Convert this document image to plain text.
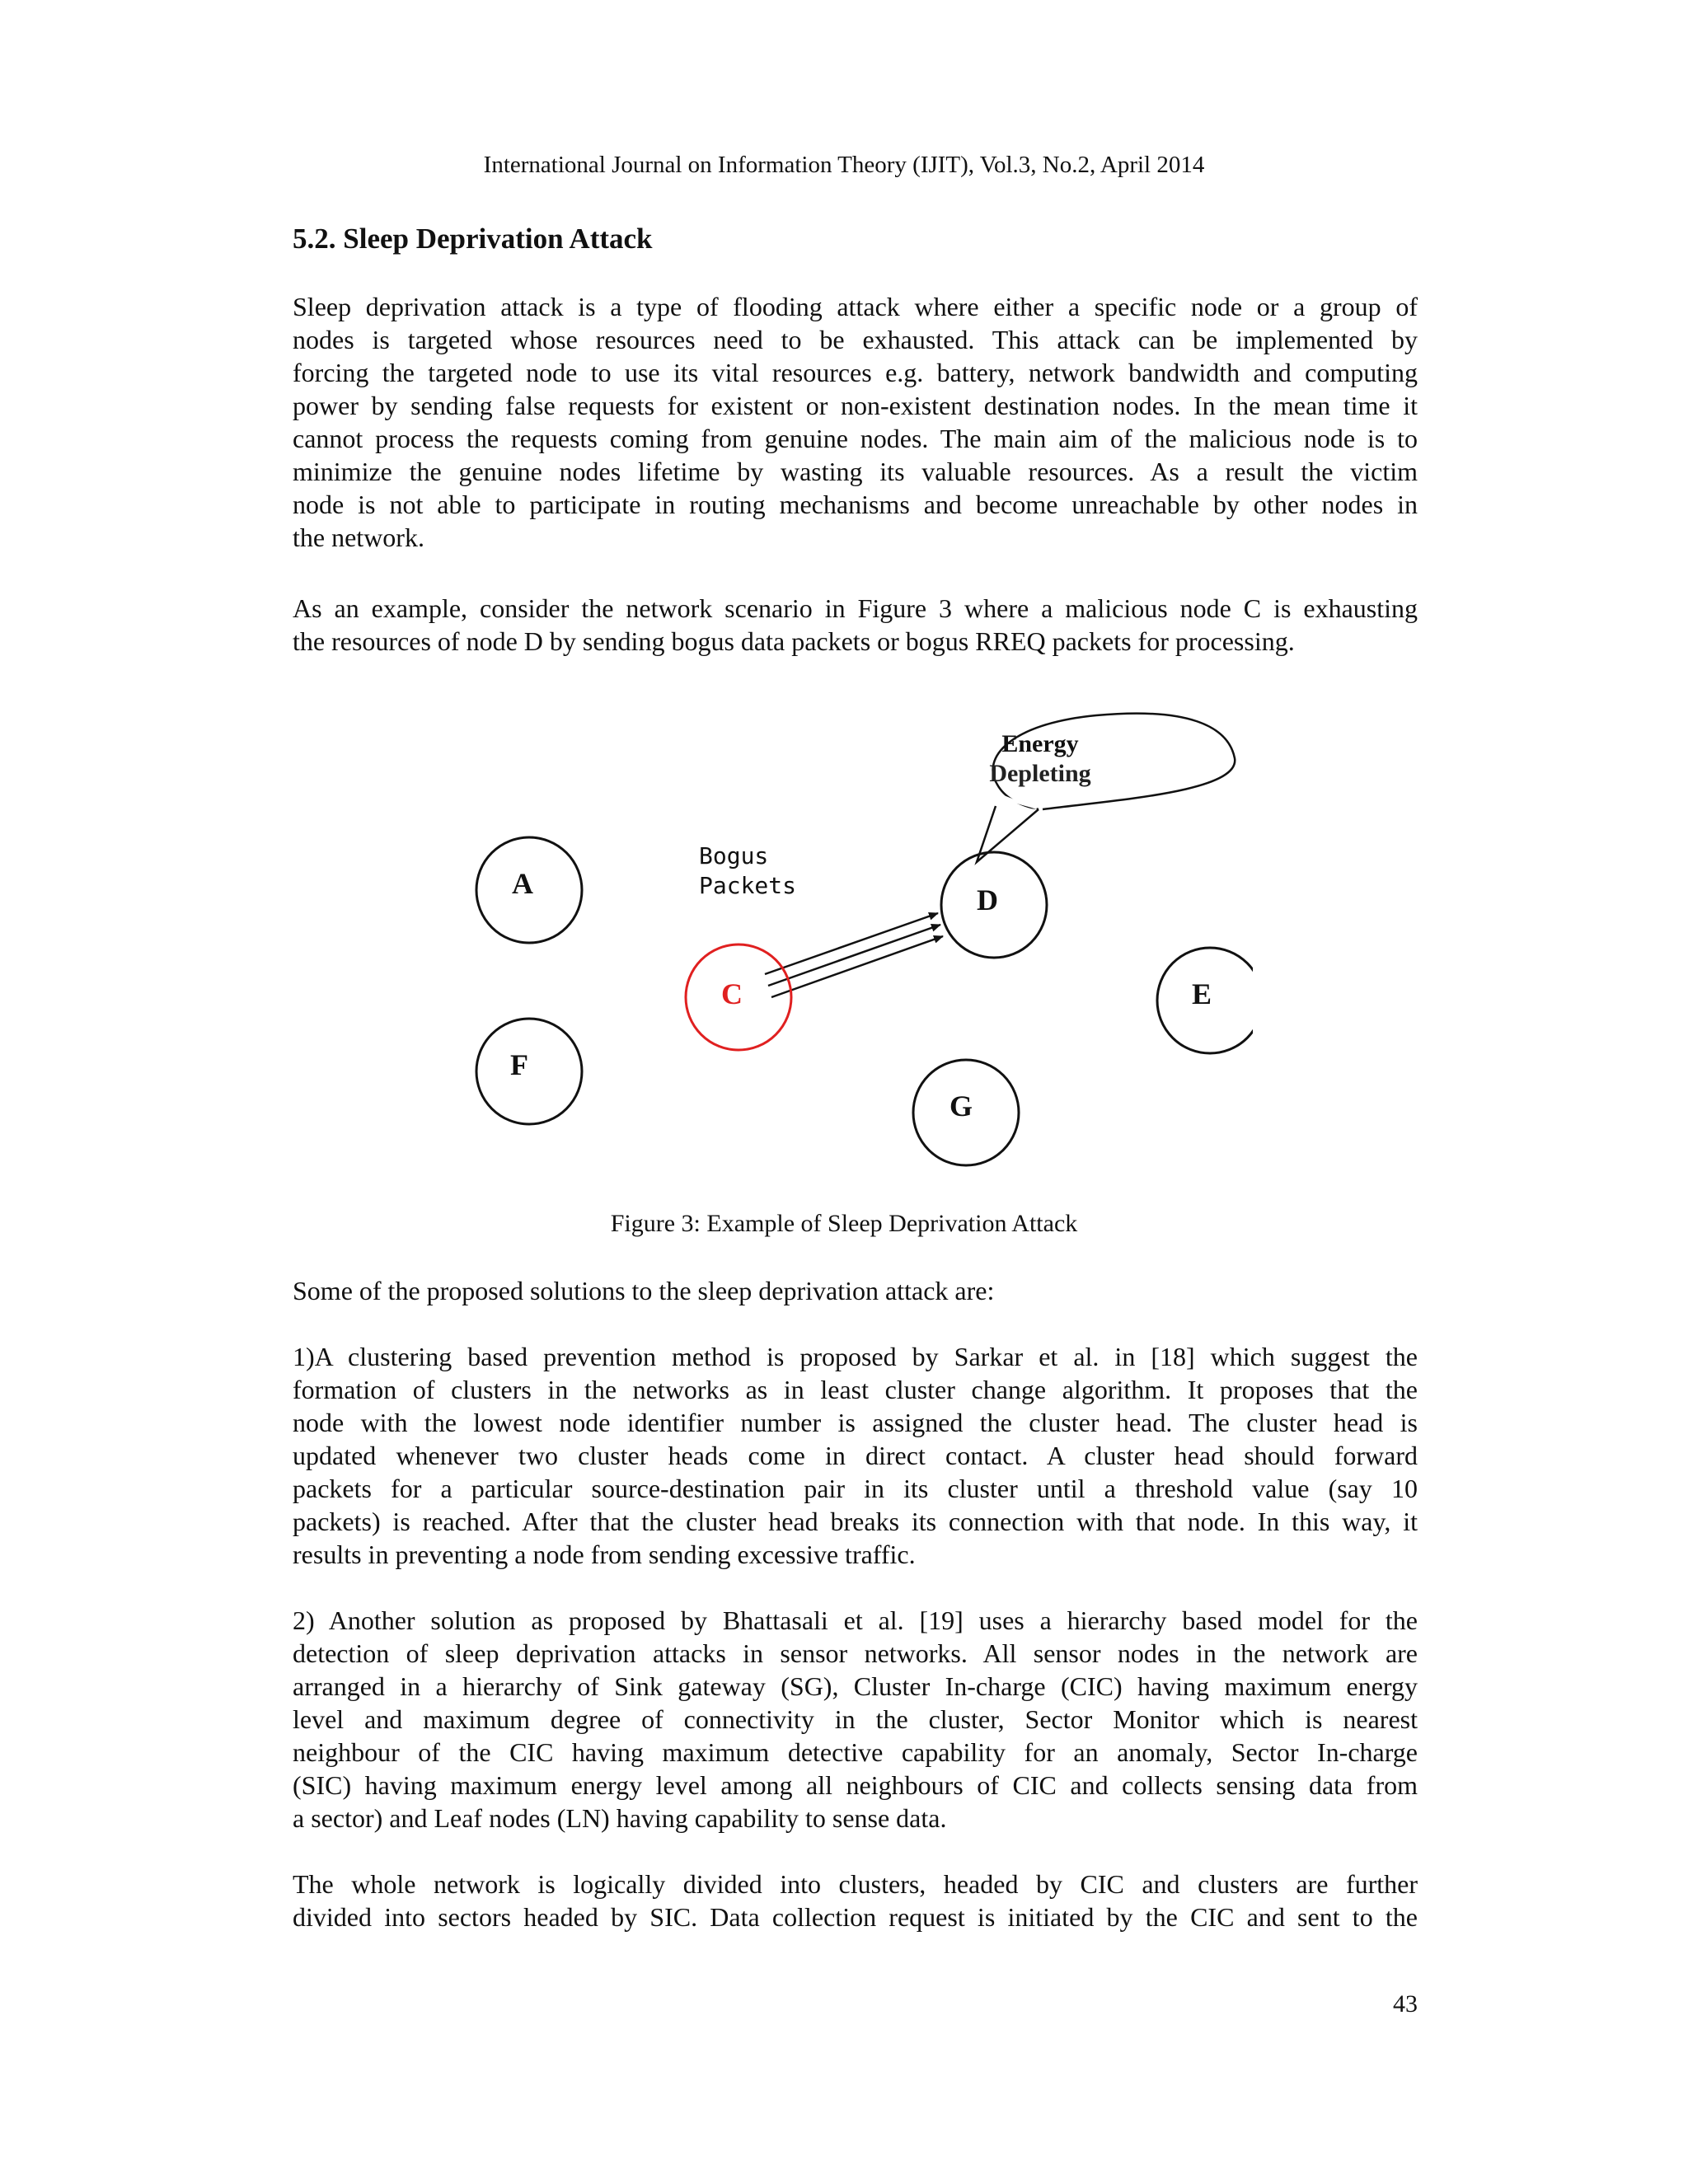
International Journal on Information Theory (IJIT), Vol.3, No.2, April 2014
5.2. Sleep Deprivation Attack
Sleep deprivation attack is a type of flooding attack where either a specific node or a group of
nodes is targeted whose resources need to be exhausted. This attack can be implemented by
forcing the targeted node to use its vital resources e.g. battery, network bandwidth and computing
power by sending false requests for existent or non-existent destination nodes. In the mean time it
cannot process the requests coming from genuine nodes. The main aim of the malicious node is to
minimize the genuine nodes lifetime by wasting its valuable resources. As a result the victim
node is not able to participate in routing mechanisms and become unreachable by other nodes in
the network.
As an example, consider the network scenario in Figure 3 where a malicious node C is exhausting
the resources of node D by sending bogus data packets or bogus RREQ packets for processing.
Energy
Depleting
Bogus
Packets
A
C
D
E
F
G
Figure 3: Example of Sleep Deprivation Attack
Some of the proposed solutions to the sleep deprivation attack are:
1)A clustering based prevention method is proposed by Sarkar et al. in [18] which suggest the
formation of clusters in the networks as in least cluster change algorithm. It proposes that the
node with the lowest node identifier number is assigned the cluster head. The cluster head is
updated whenever two cluster heads come in direct contact. A cluster head should forward
packets for a particular source-destination pair in its cluster until a threshold value (say 10
packets) is reached. After that the cluster head breaks its connection with that node. In this way, it
results in preventing a node from sending excessive traffic.
2) Another solution as proposed by Bhattasali et al. [19] uses a hierarchy based model for the
detection of sleep deprivation attacks in sensor networks. All sensor nodes in the network are
arranged in a hierarchy of Sink gateway (SG), Cluster In-charge (CIC) having maximum energy
level and maximum degree of connectivity in the cluster, Sector Monitor which is nearest
neighbour of the CIC having maximum detective capability for an anomaly, Sector In-charge
(SIC) having maximum energy level among all neighbours of CIC and collects sensing data from
a sector) and Leaf nodes (LN) having capability to sense data.
The whole network is logically divided into clusters, headed by CIC and clusters are further
divided into sectors headed by SIC. Data collection request is initiated by the CIC and sent to the
43
